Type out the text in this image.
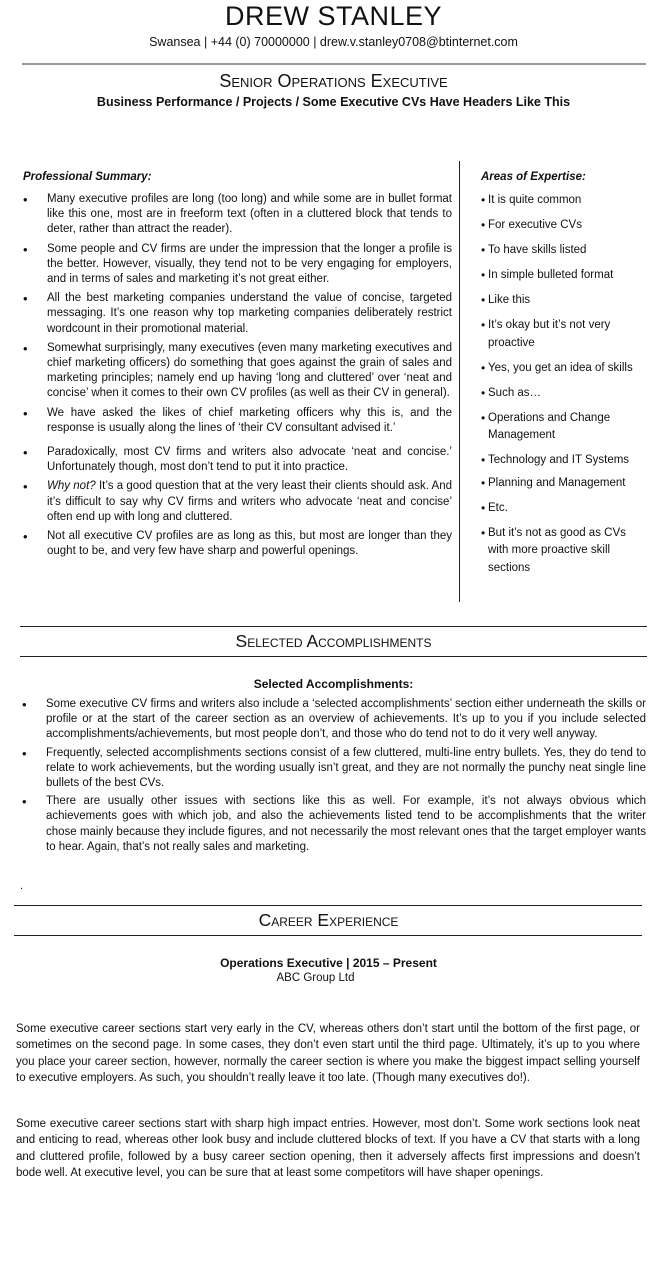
DREW STANLEY
Swansea | +44 (0) 70000000 | drew.v.stanley0708@btinternet.com
Senior Operations Executive
Business Performance / Projects / Some Executive CVs Have Headers Like This
Professional Summary:
• Many executive profiles are long (too long) and while some are in bullet format like this one, most are in freeform text (often in a cluttered block that tends to deter, rather than attract the reader).
• Some people and CV firms are under the impression that the longer a profile is the better. However, visually, they tend not to be very engaging for employers, and in terms of sales and marketing it’s not great either.
• All the best marketing companies understand the value of concise, targeted messaging. It’s one reason why top marketing companies deliberately restrict wordcount in their promotional material.
• Somewhat surprisingly, many executives (even many marketing executives and chief marketing officers) do something that goes against the grain of sales and marketing principles; namely end up having ‘long and cluttered’ over ‘neat and concise’ when it comes to their own CV profiles (as well as their CV in general).
• We have asked the likes of chief marketing officers why this is, and the response is usually along the lines of ‘their CV consultant advised it.’
• Paradoxically, most CV firms and writers also advocate ‘neat and concise.’ Unfortunately though, most don’t tend to put it into practice.
• Why not? It’s a good question that at the very least their clients should ask. And it’s difficult to say why CV firms and writers who advocate ‘neat and concise’ often end up with long and cluttered.
• Not all executive CV profiles are as long as this, but most are longer than they ought to be, and very few have sharp and powerful openings.
Areas of Expertise:
• It is quite common
• For executive CVs
• To have skills listed
• In simple bulleted format
• Like this
• It’s okay but it’s not very proactive
• Yes, you get an idea of skills
• Such as…
• Operations and Change Management
• Technology and IT Systems
• Planning and Management
• Etc.
• But it’s not as good as CVs with more proactive skill sections
Selected Accomplishments
Selected Accomplishments:
• Some executive CV firms and writers also include a ‘selected accomplishments’ section either underneath the skills or profile or at the start of the career section as an overview of achievements. It’s up to you if you include selected accomplishments/achievements, but most people don’t, and those who do tend not to do it very well anyway.
• Frequently, selected accomplishments sections consist of a few cluttered, multi-line entry bullets. Yes, they do tend to relate to work achievements, but the wording usually isn’t great, and they are not normally the punchy neat single line bullets of the best CVs.
• There are usually other issues with sections like this as well. For example, it’s not always obvious which achievements goes with which job, and also the achievements listed tend to be accomplishments that the writer chose mainly because they include figures, and not necessarily the most relevant ones that the target employer wants to hear. Again, that’s not really sales and marketing.
.
Career Experience
Operations Executive | 2015 – Present
ABC Group Ltd

Some executive career sections start very early in the CV, whereas others don’t start until the bottom of the first page, or sometimes on the second page. In some cases, they don’t even start until the third page. Ultimately, it’s up to you where you place your career section, however, normally the career section is where you make the biggest impact selling yourself to executive employers. As such, you shouldn’t really leave it too late. (Though many executives do!).

Some executive career sections start with sharp high impact entries. However, most don’t. Some work sections look neat and enticing to read, whereas other look busy and include cluttered blocks of text. If you have a CV that starts with a long and cluttered profile, followed by a busy career section opening, then it adversely affects first impressions and doesn’t bode well. At executive level, you can be sure that at least some competitors will have shaper openings.
